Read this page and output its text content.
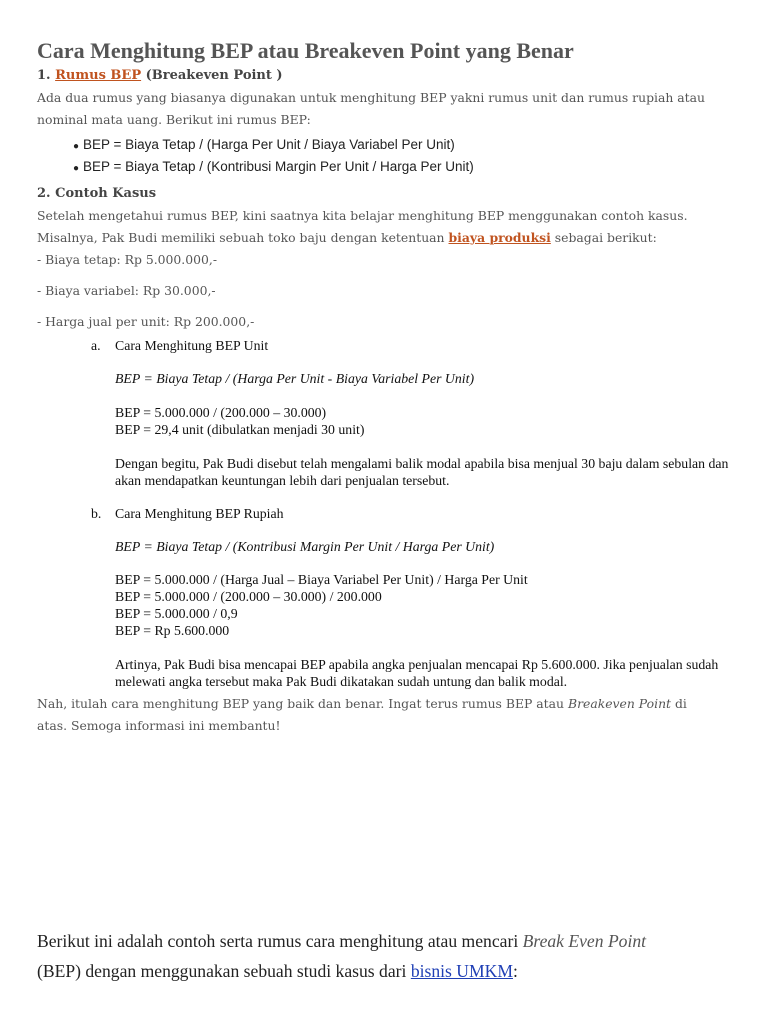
Cara Menghitung BEP atau Breakeven Point yang Benar

1. Rumus BEP (Breakeven Point )

Ada dua rumus yang biasanya digunakan untuk menghitung BEP yakni rumus unit dan rumus rupiah atau

nominal mata uang. Berikut ini rumus BEP:

● BEP = Biaya Tetap / (Harga Per Unit / Biaya Variabel Per Unit)
● BEP = Biaya Tetap / (Kontribusi Margin Per Unit / Harga Per Unit)

2. Contoh Kasus

Setelah mengetahui rumus BEP, kini saatnya kita belajar menghitung BEP menggunakan contoh kasus.

Misalnya, Pak Budi memiliki sebuah toko baju dengan ketentuan biaya produksi sebagai berikut:

- Biaya tetap: Rp 5.000.000,-

- Biaya variabel: Rp 30.000,-

- Harga jual per unit: Rp 200.000,-

a. Cara Menghitung BEP Unit

BEP = Biaya Tetap / (Harga Per Unit - Biaya Variabel Per Unit)

BEP = 5.000.000 / (200.000 – 30.000)

BEP = 29,4 unit (dibulatkan menjadi 30 unit)

Dengan begitu, Pak Budi disebut telah mengalami balik modal apabila bisa menjual 30 baju dalam sebulan dan akan mendapatkan keuntungan lebih dari penjualan tersebut.

b. Cara Menghitung BEP Rupiah

BEP = Biaya Tetap / (Kontribusi Margin Per Unit / Harga Per Unit)

BEP = 5.000.000 / (Harga Jual – Biaya Variabel Per Unit) / Harga Per Unit

BEP = 5.000.000 / (200.000 – 30.000) / 200.000

BEP = 5.000.000 / 0,9

BEP = Rp 5.600.000

Artinya, Pak Budi bisa mencapai BEP apabila angka penjualan mencapai Rp 5.600.000. Jika penjualan sudah melewati angka tersebut maka Pak Budi dikatakan sudah untung dan balik modal.

Nah, itulah cara menghitung BEP yang baik dan benar. Ingat terus rumus BEP atau Breakeven Point di

atas. Semoga informasi ini membantu!

Berikut ini adalah contoh serta rumus cara menghitung atau mencari Break Even Point (BEP) dengan menggunakan sebuah studi kasus dari bisnis UMKM:
